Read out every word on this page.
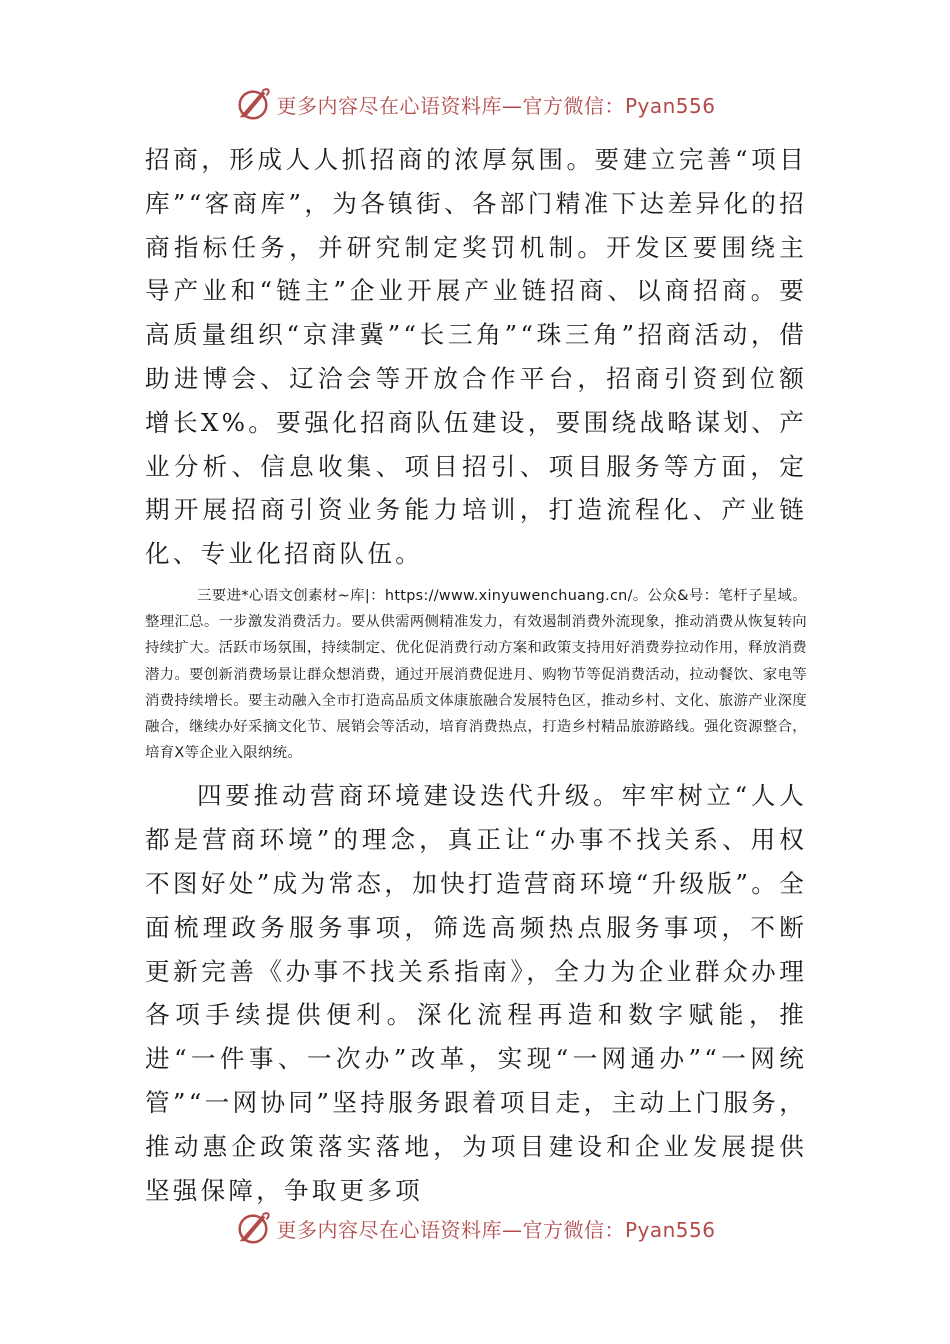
更多内容尽在心语资料库—官方微信：Pyan556

招商，形成人人抓招商的浓厚氛围。要建立完善“项目库”“客商库”，为各镇街、各部门精准下达差异化的招商指标任务，并研究制定奖罚机制。开发区要围绕主导产业和“链主”企业开展产业链招商、以商招商。要高质量组织“京津冀”“长三角”“珠三角”招商活动，借助进博会、辽洽会等开放合作平台，招商引资到位额增长X%。要强化招商队伍建设，要围绕战略谋划、产业分析、信息收集、项目招引、项目服务等方面，定期开展招商引资业务能力培训，打造流程化、产业链化、专业化招商队伍。

三要进*心语文创素材~库|：https://www.xinyuwenchuang.cn/。公众&号：笔杆子星域。整理汇总。一步激发消费活力。要从供需两侧精准发力，有效遏制消费外流现象，推动消费从恢复转向持续扩大。活跃市场氛围，持续制定、优化促消费行动方案和政策支持用好消费券拉动作用，释放消费潜力。要创新消费场景让群众想消费，通过开展消费促进月、购物节等促消费活动，拉动餐饮、家电等消费持续增长。要主动融入全市打造高品质文体康旅融合发展特色区，推动乡村、文化、旅游产业深度融合，继续办好采摘文化节、展销会等活动，培育消费热点，打造乡村精品旅游路线。强化资源整合，培育X等企业入限纳统。

四要推动营商环境建设迭代升级。牢牢树立“人人都是营商环境”的理念，真正让“办事不找关系、用权不图好处”成为常态，加快打造营商环境“升级版”。全面梳理政务服务事项，筛选高频热点服务事项，不断更新完善《办事不找关系指南》，全力为企业群众办理各项手续提供便利。深化流程再造和数字赋能，推进“一件事、一次办”改革，实现“一网通办”“一网统管”“一网协同”坚持服务跟着项目走，主动上门服务，推动惠企政策落实落地，为项目建设和企业发展提供坚强保障，争取更多项

更多内容尽在心语资料库—官方微信：Pyan556
